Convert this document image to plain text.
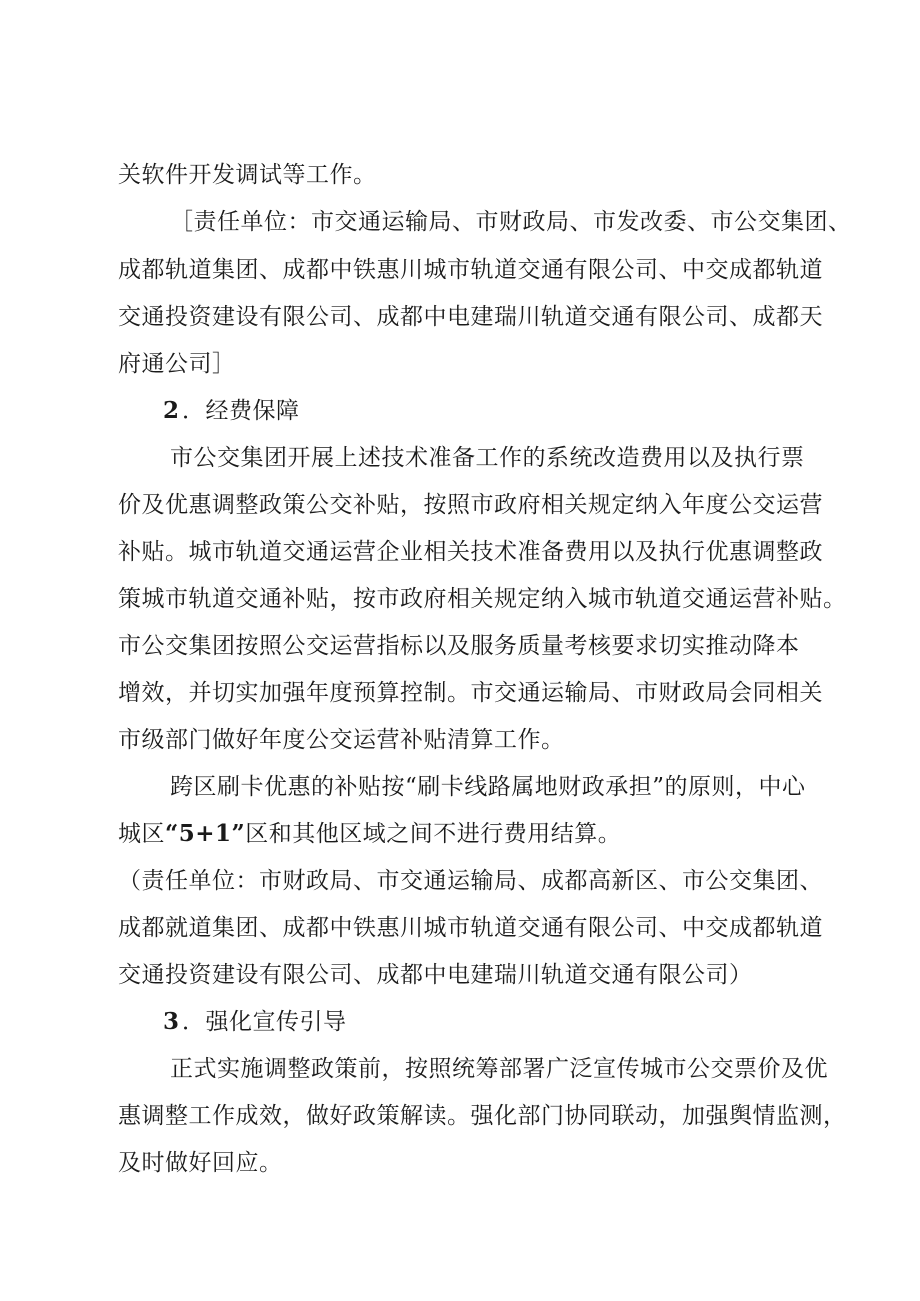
关软件开发调试等工作。
［责任单位：市交通运输局、市财政局、市发改委、市公交集团、
成都轨道集团、成都中铁惠川城市轨道交通有限公司、中交成都轨道
交通投资建设有限公司、成都中电建瑞川轨道交通有限公司、成都天
府通公司］
2 ．经费保障
市公交集团开展上述技术准备工作的系统改造费用以及执行票
价及优惠调整政策公交补贴，按照市政府相关规定纳入年度公交运营
补贴。城市轨道交通运营企业相关技术准备费用以及执行优惠调整政
策城市轨道交通补贴，按市政府相关规定纳入城市轨道交通运营补贴。
市公交集团按照公交运营指标以及服务质量考核要求切实推动降本
增效，并切实加强年度预算控制。市交通运输局、市财政局会同相关
市级部门做好年度公交运营补贴清算工作。
跨区刷卡优惠的补贴按“刷卡线路属地财政承担”的原则，中心
城区“5+1”区和其他区域之间不进行费用结算。
（责任单位：市财政局、市交通运输局、成都高新区、市公交集团、
成都就道集团、成都中铁惠川城市轨道交通有限公司、中交成都轨道
交通投资建设有限公司、成都中电建瑞川轨道交通有限公司）
3 ．强化宣传引导
正式实施调整政策前，按照统筹部署广泛宣传城市公交票价及优
惠调整工作成效，做好政策解读。强化部门协同联动，加强舆情监测，
及时做好回应。
